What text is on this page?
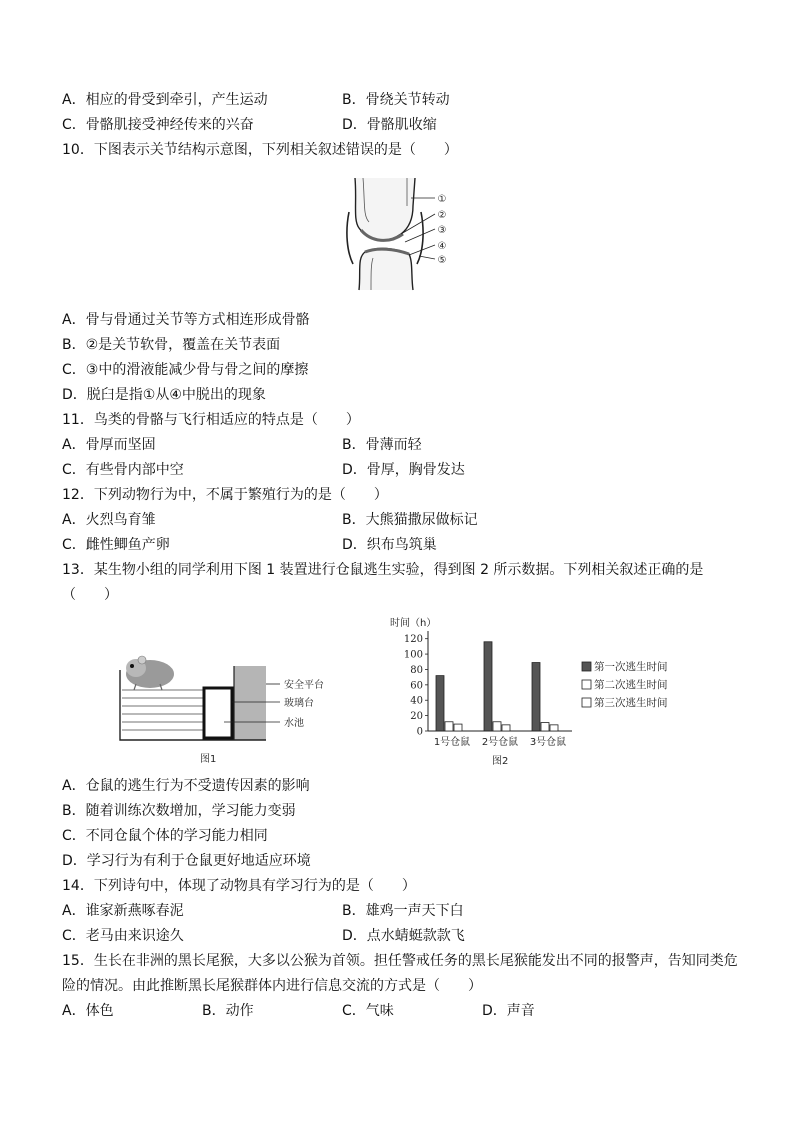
A．相应的骨受到牵引，产生运动	B．骨绕关节转动
C．骨骼肌接受神经传来的兴奋	D．骨骼肌收缩
10．下图表示关节结构示意图，下列相关叙述错误的是（　　）
①
②
③
④
⑤
A．骨与骨通过关节等方式相连形成骨骼
B．②是关节软骨，覆盖在关节表面
C．③中的滑液能减少骨与骨之间的摩擦
D．脱臼是指①从④中脱出的现象
11．鸟类的骨骼与飞行相适应的特点是（　　）
A．骨厚而坚固	B．骨薄而轻
C．有些骨内部中空	D．骨厚，胸骨发达
12．下列动物行为中，不属于繁殖行为的是（　　）
A．火烈鸟育雏	B．大熊猫撒尿做标记
C．雌性鲫鱼产卵	D．织布鸟筑巢
13．某生物小组的同学利用下图 1 装置进行仓鼠逃生实验，得到图 2 所示数据。下列相关叙述正确的是
（　　）
安全平台
玻璃台
水池
图1
时间（h）
0
20
40
60
80
100
120
1号仓鼠 2号仓鼠 3号仓鼠
第一次逃生时间
第二次逃生时间
第三次逃生时间
图2
A．仓鼠的逃生行为不受遗传因素的影响
B．随着训练次数增加，学习能力变弱
C．不同仓鼠个体的学习能力相同
D．学习行为有利于仓鼠更好地适应环境
14．下列诗句中，体现了动物具有学习行为的是（　　）
A．谁家新燕啄春泥	B．雄鸡一声天下白
C．老马由来识途久	D．点水蜻蜓款款飞
15．生长在非洲的黑长尾猴，大多以公猴为首领。担任警戒任务的黑长尾猴能发出不同的报警声，告知同类危
险的情况。由此推断黑长尾猴群体内进行信息交流的方式是（　　）
A．体色	B．动作	C．气味	D．声音
